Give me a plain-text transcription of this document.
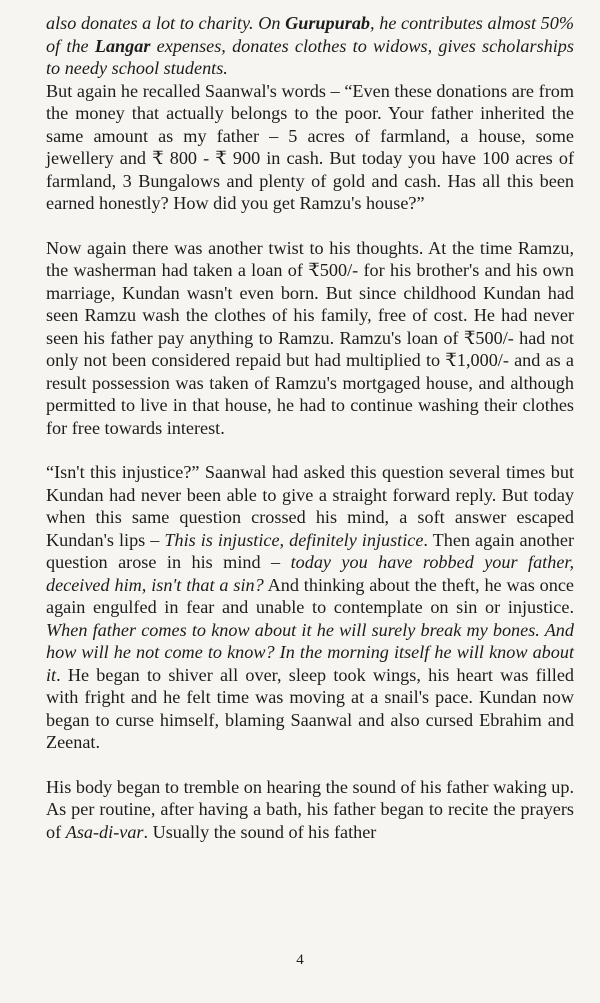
also donates a lot to charity. On Gurupurab, he contributes almost 50% of the Langar expenses, donates clothes to widows, gives scholarships to needy school students.

But again he recalled Saanwal's words – “Even these donations are from the money that actually belongs to the poor. Your father inherited the same amount as my father – 5 acres of farmland, a house, some jewellery and ₹ 800 - ₹ 900 in cash. But today you have 100 acres of farmland, 3 Bungalows and plenty of gold and cash. Has all this been earned honestly? How did you get Ramzu's house?”

Now again there was another twist to his thoughts. At the time Ramzu, the washerman had taken a loan of ₹500/- for his brother's and his own marriage, Kundan wasn't even born. But since childhood Kundan had seen Ramzu wash the clothes of his family, free of cost. He had never seen his father pay anything to Ramzu. Ramzu's loan of ₹500/- had not only not been considered repaid but had multiplied to ₹1,000/- and as a result possession was taken of Ramzu's mortgaged house, and although permitted to live in that house, he had to continue washing their clothes for free towards interest.

“Isn't this injustice?” Saanwal had asked this question several times but Kundan had never been able to give a straight forward reply. But today when this same question crossed his mind, a soft answer escaped Kundan's lips – This is injustice, definitely injustice. Then again another question arose in his mind – today you have robbed your father, deceived him, isn't that a sin? And thinking about the theft, he was once again engulfed in fear and unable to contemplate on sin or injustice. When father comes to know about it he will surely break my bones. And how will he not come to know? In the morning itself he will know about it. He began to shiver all over, sleep took wings, his heart was filled with fright and he felt time was moving at a snail's pace. Kundan now began to curse himself, blaming Saanwal and also cursed Ebrahim and Zeenat.

His body began to tremble on hearing the sound of his father waking up. As per routine, after having a bath, his father began to recite the prayers of Asa-di-var. Usually the sound of his father

4
